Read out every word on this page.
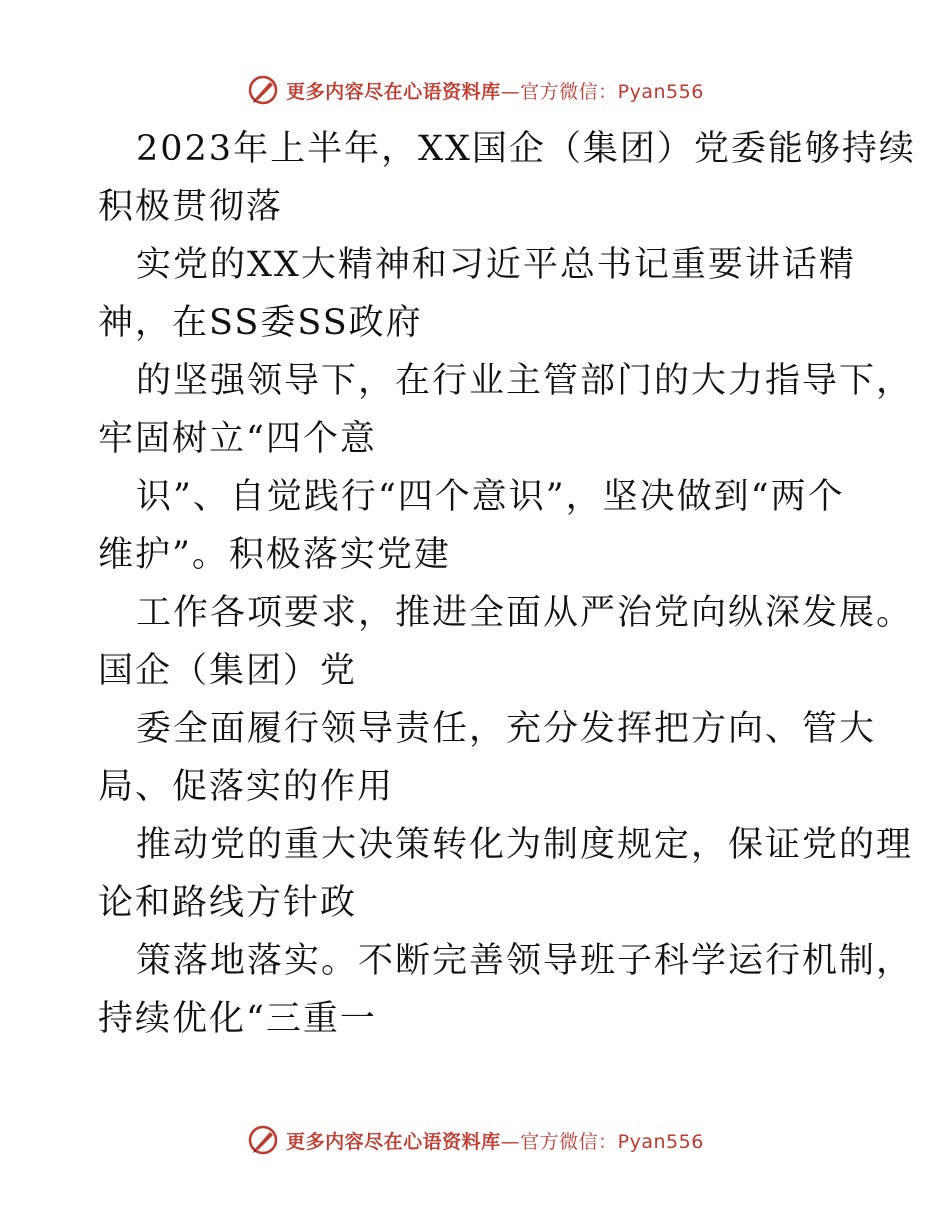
更多内容尽在心语资料库—官方微信：Pyan556
2023年上半年，XX国企（集团）党委能够持续
积极贯彻落
实党的XX大精神和习近平总书记重要讲话精
神，在SS委SS政府
的坚强领导下，在行业主管部门的大力指导下，
牢固树立“四个意
识”、自觉践行“四个意识”，坚决做到“两个
维护”。积极落实党建
工作各项要求，推进全面从严治党向纵深发展。
国企（集团）党
委全面履行领导责任，充分发挥把方向、管大
局、促落实的作用
推动党的重大决策转化为制度规定，保证党的理
论和路线方针政
策落地落实。不断完善领导班子科学运行机制，
持续优化“三重一
更多内容尽在心语资料库—官方微信：Pyan556
